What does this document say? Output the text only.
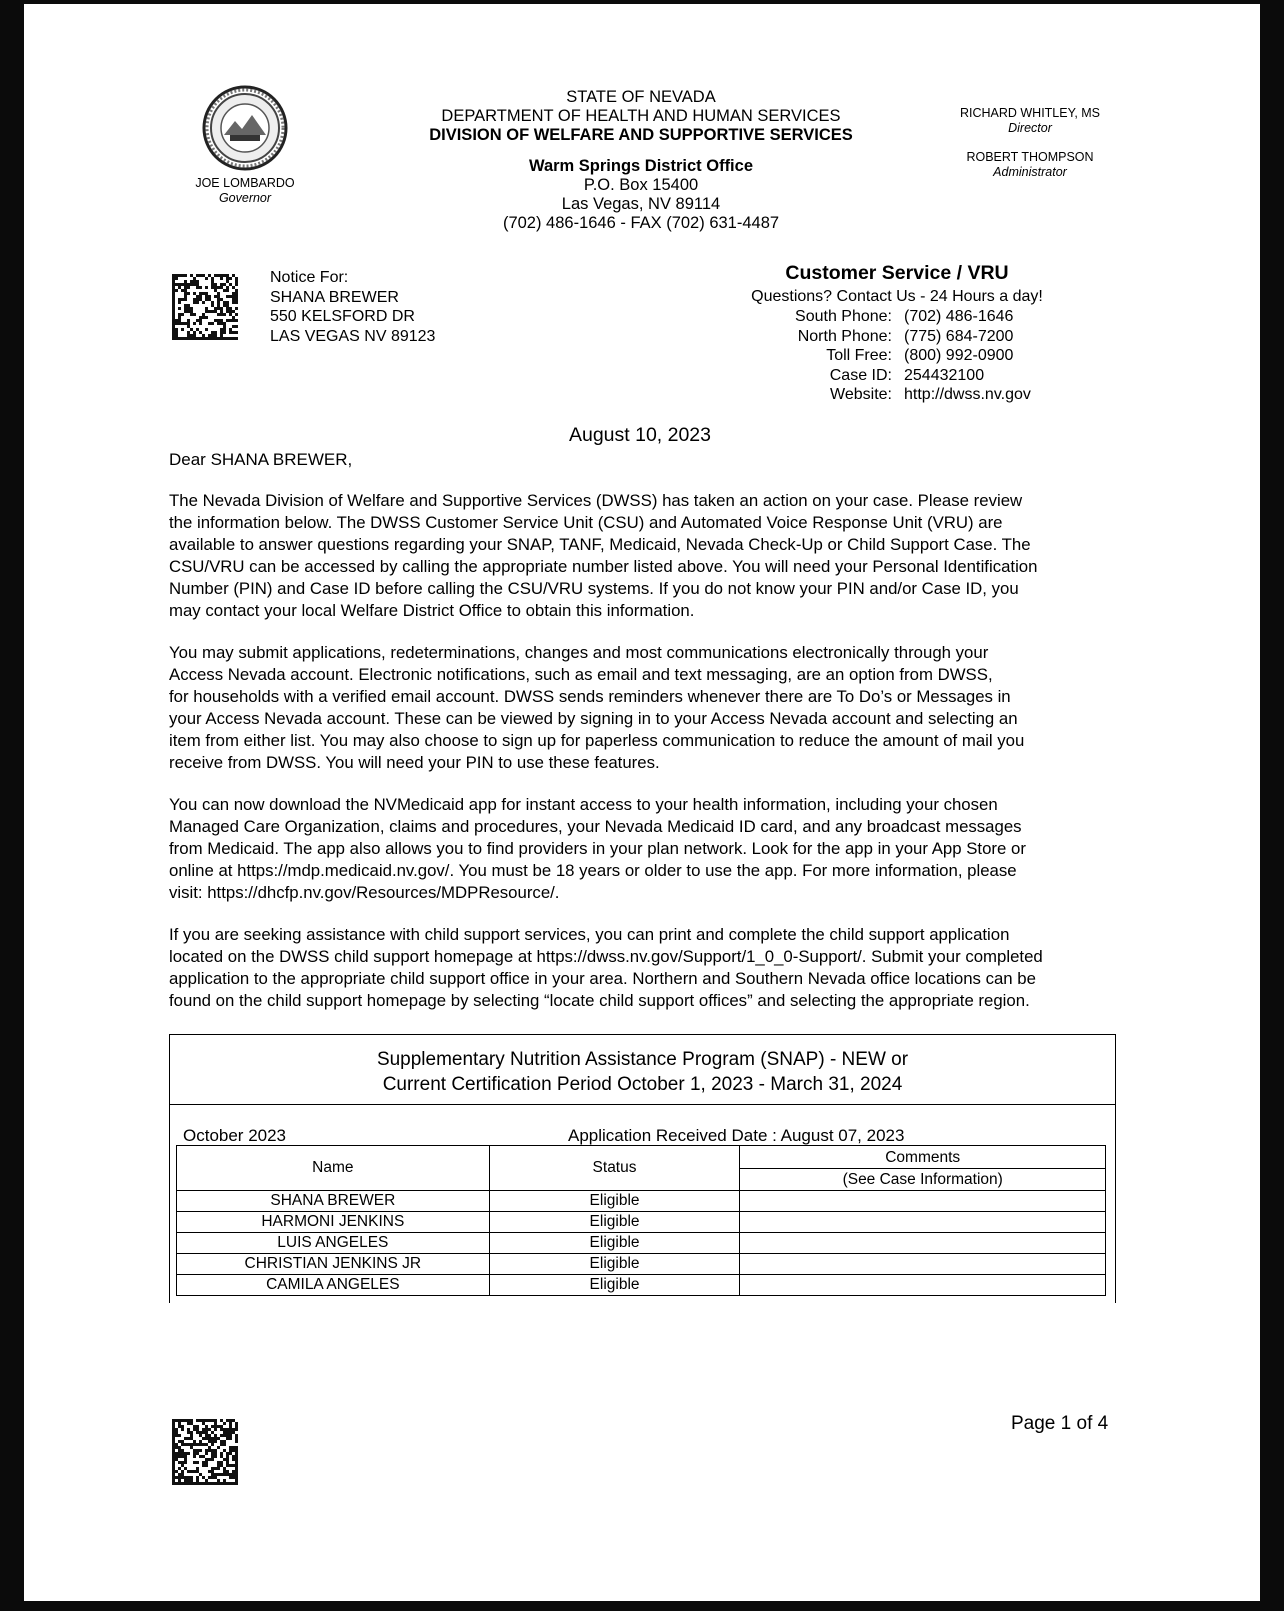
JOE LOMBARDO
Governor
STATE OF NEVADA
DEPARTMENT OF HEALTH AND HUMAN SERVICES
DIVISION OF WELFARE AND SUPPORTIVE SERVICES
Warm Springs District Office
P.O. Box 15400
Las Vegas, NV 89114
(702) 486-1646 - FAX (702) 631-4487
RICHARD WHITLEY, MS
Director
ROBERT THOMPSON
Administrator
Notice For:
SHANA BREWER
550 KELSFORD DR
LAS VEGAS NV 89123
Customer Service / VRU
Questions? Contact Us - 24 Hours a day!
South Phone: (702) 486-1646
North Phone: (775) 684-7200
Toll Free: (800) 992-0900
Case ID: 254432100
Website: http://dwss.nv.gov
August 10, 2023
Dear SHANA BREWER,
The Nevada Division of Welfare and Supportive Services (DWSS) has taken an action on your case. Please review
the information below. The DWSS Customer Service Unit (CSU) and Automated Voice Response Unit (VRU) are
available to answer questions regarding your SNAP, TANF, Medicaid, Nevada Check-Up or Child Support Case. The
CSU/VRU can be accessed by calling the appropriate number listed above. You will need your Personal Identification
Number (PIN) and Case ID before calling the CSU/VRU systems. If you do not know your PIN and/or Case ID, you
may contact your local Welfare District Office to obtain this information.
You may submit applications, redeterminations, changes and most communications electronically through your
Access Nevada account. Electronic notifications, such as email and text messaging, are an option from DWSS,
for households with a verified email account. DWSS sends reminders whenever there are To Do’s or Messages in
your Access Nevada account. These can be viewed by signing in to your Access Nevada account and selecting an
item from either list. You may also choose to sign up for paperless communication to reduce the amount of mail you
receive from DWSS. You will need your PIN to use these features.
You can now download the NVMedicaid app for instant access to your health information, including your chosen
Managed Care Organization, claims and procedures, your Nevada Medicaid ID card, and any broadcast messages
from Medicaid. The app also allows you to find providers in your plan network. Look for the app in your App Store or
online at https://mdp.medicaid.nv.gov/. You must be 18 years or older to use the app. For more information, please
visit: https://dhcfp.nv.gov/Resources/MDPResource/.
If you are seeking assistance with child support services, you can print and complete the child support application
located on the DWSS child support homepage at https://dwss.nv.gov/Support/1_0_0-Support/. Submit your completed
application to the appropriate child support office in your area. Northern and Southern Nevada office locations can be
found on the child support homepage by selecting “locate child support offices” and selecting the appropriate region.
Supplementary Nutrition Assistance Program (SNAP) - NEW or
Current Certification Period October 1, 2023 - March 31, 2024
October 2023	Application Received Date : August 07, 2023
Name	Status	Comments
(See Case Information)

SHANA BREWER	Eligible	
HARMONI JENKINS	Eligible	
LUIS ANGELES	Eligible	
CHRISTIAN JENKINS JR	Eligible	
CAMILA ANGELES	Eligible	
Page 1 of 4
